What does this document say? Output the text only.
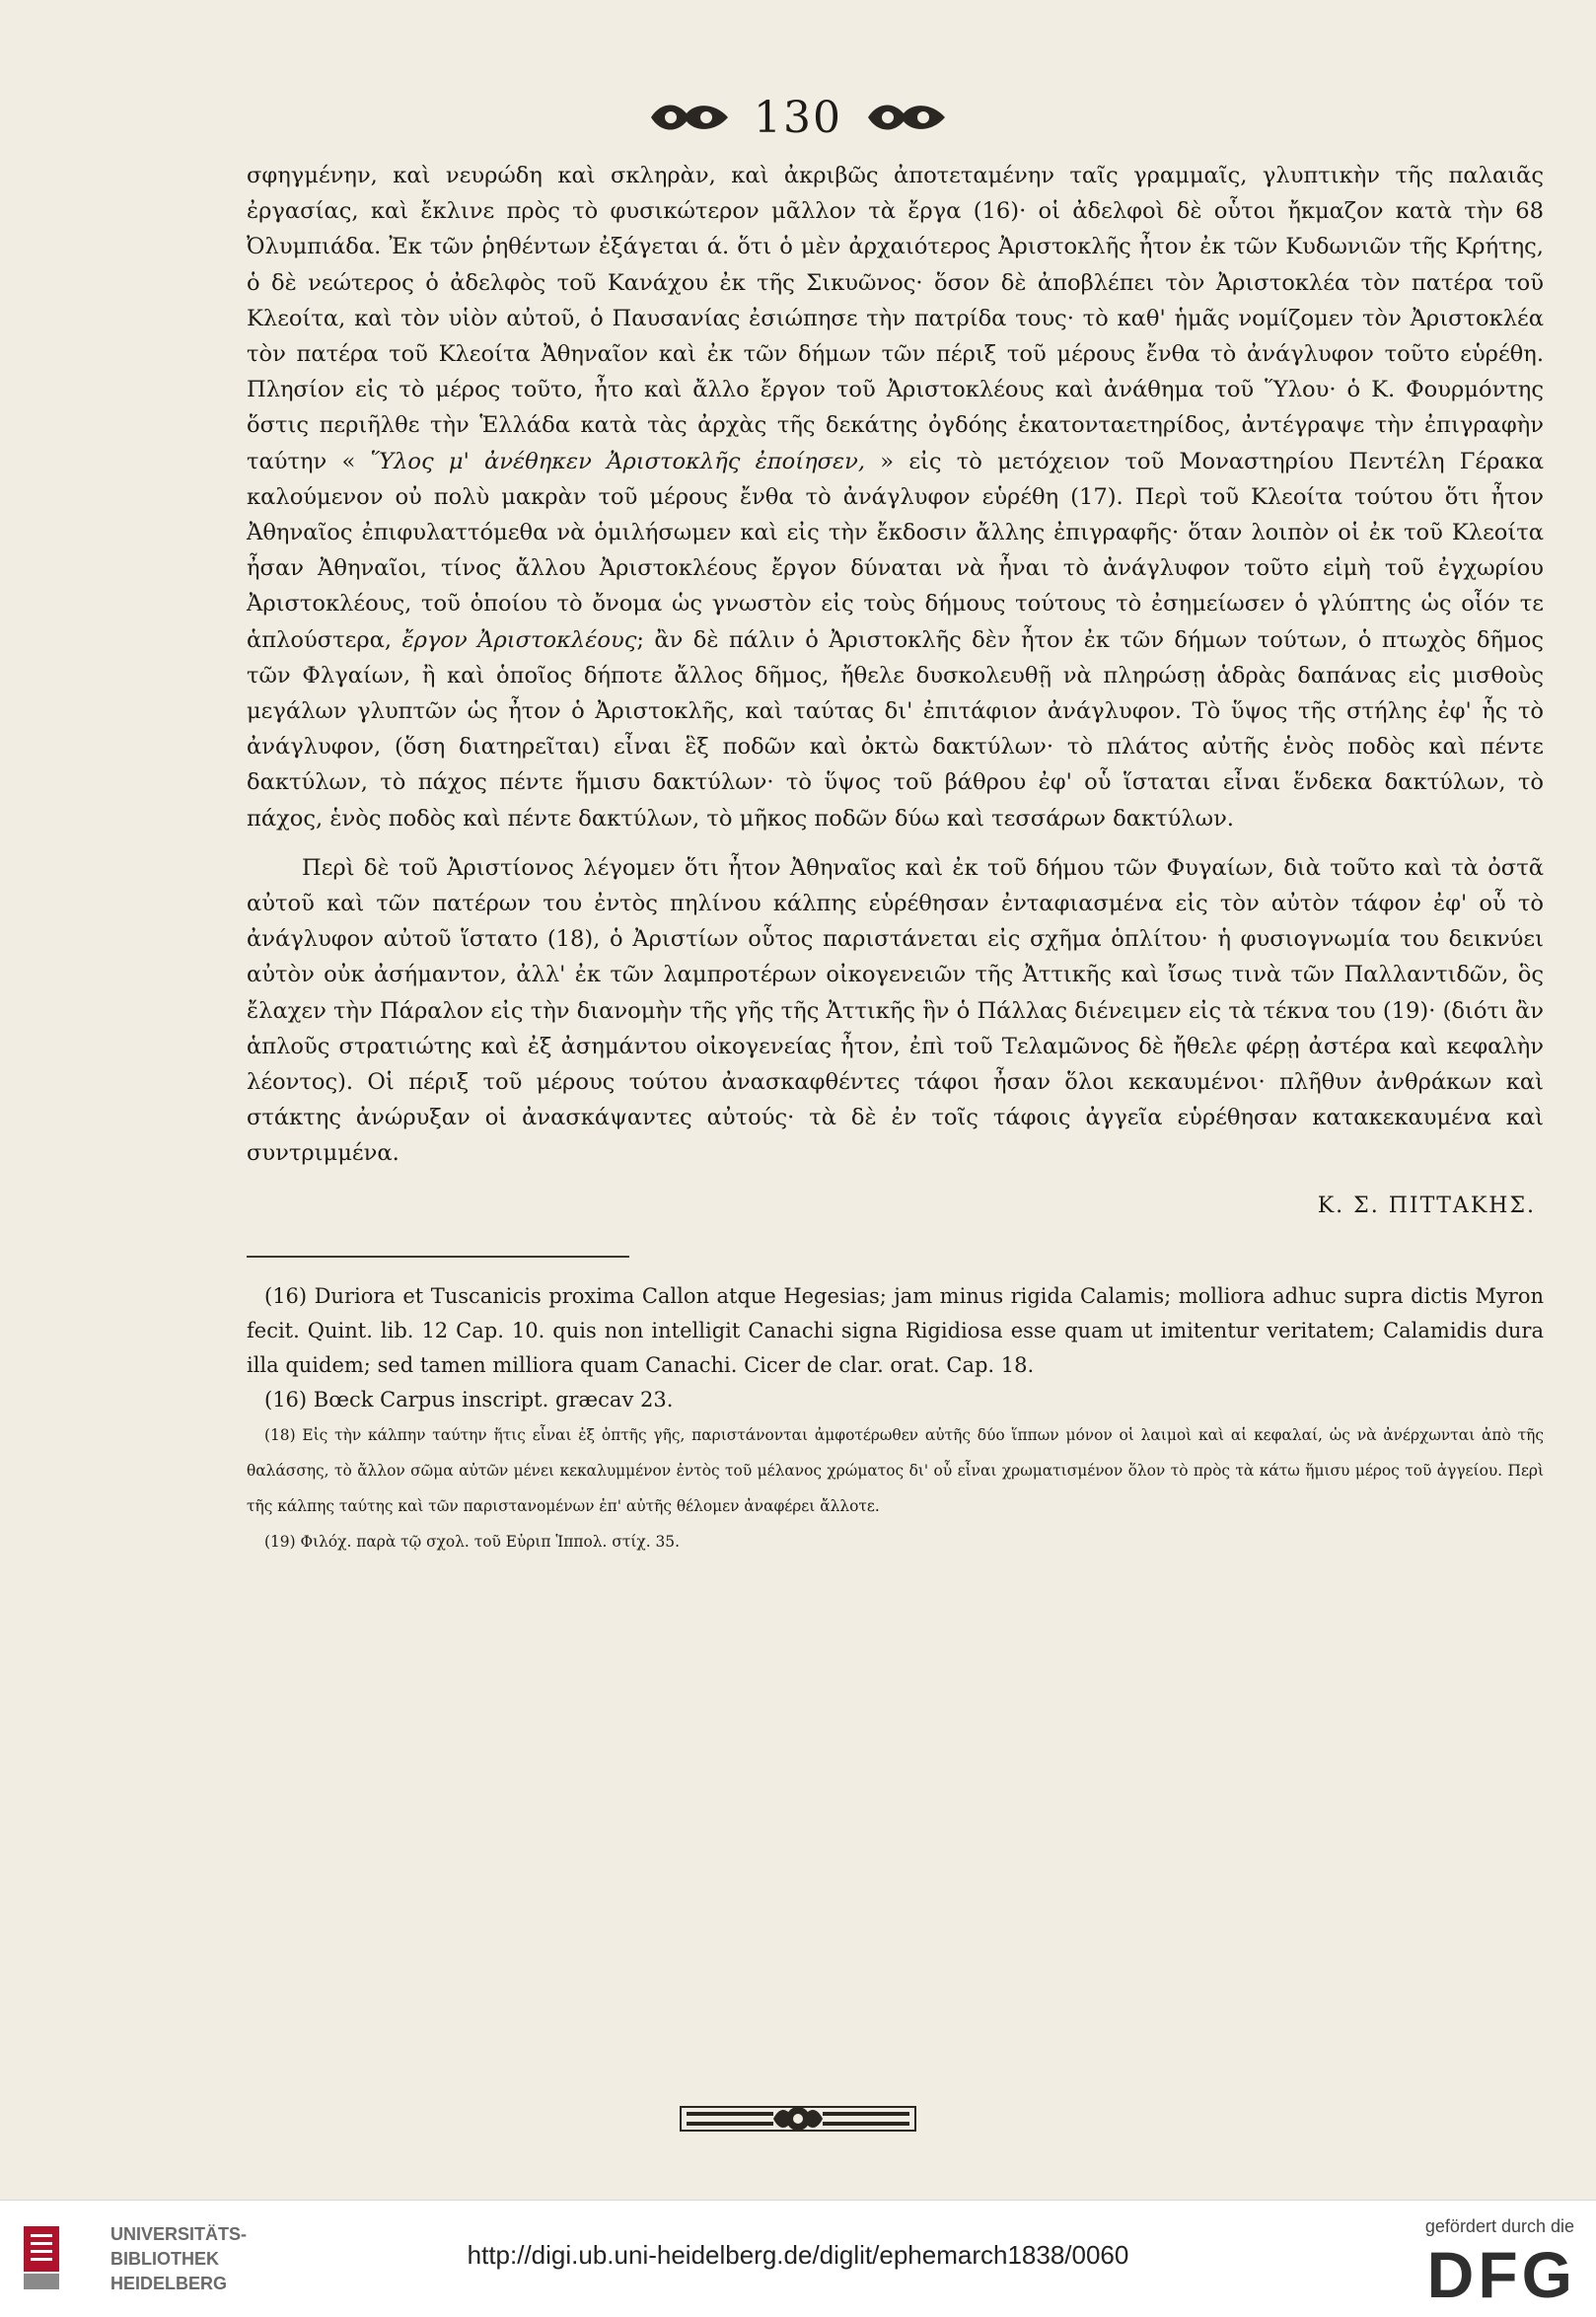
130

σφηγμένην, καὶ νευρώδη καὶ σκληρὰν, καὶ ἀκριβῶς ἀποτεταμένην ταῖς γραμμαῖς, γλυπτικὴν τῆς παλαιᾶς ἐργασίας, καὶ ἔκλινε πρὸς τὸ φυσικώτερον μᾶλλον τὰ ἔργα (16)· οἱ ἀδελφοὶ δὲ οὗτοι ἤκμαζον κατὰ τὴν 68 Ὀλυμπιάδα. Ἐκ τῶν ῥηθέντων ἐξάγεται ά. ὅτι ὁ μὲν ἀρχαιότερος Ἀριστοκλῆς ἦτον ἐκ τῶν Κυδωνιῶν τῆς Κρήτης, ὁ δὲ νεώτερος ὁ ἀδελφὸς τοῦ Κανάχου ἐκ τῆς Σικυῶνος· ὅσον δὲ ἀποβλέπει τὸν Ἀριστοκλέα τὸν πατέρα τοῦ Κλεοίτα, καὶ τὸν υἱὸν αὐτοῦ, ὁ Παυσανίας ἐσιώπησε τὴν πατρίδα τους· τὸ καθ' ἡμᾶς νομίζομεν τὸν Ἀριστοκλέα τὸν πατέρα τοῦ Κλεοίτα Ἀθηναῖον καὶ ἐκ τῶν δήμων τῶν πέριξ τοῦ μέρους ἔνθα τὸ ἀνάγλυφον τοῦτο εὑρέθη. Πλησίον εἰς τὸ μέρος τοῦτο, ἦτο καὶ ἄλλο ἔργον τοῦ Ἀριστοκλέους καὶ ἀνάθημα τοῦ Ὕλου· ὁ Κ. Φουρμόντης ὅστις περιῆλθε τὴν Ἑλλάδα κατὰ τὰς ἀρχὰς τῆς δεκάτης ὀγδόης ἑκατονταετηρίδος, ἀντέγραψε τὴν ἐπιγραφὴν ταύτην « Ὕλος μ' ἀνέθηκεν Ἀριστοκλῆς ἐποίησεν, » εἰς τὸ μετόχειον τοῦ Μοναστηρίου Πεντέλη Γέρακα καλούμενον οὐ πολὺ μακρὰν τοῦ μέρους ἔνθα τὸ ἀνάγλυφον εὑρέθη (17). Περὶ τοῦ Κλεοίτα τούτου ὅτι ἦτον Ἀθηναῖος ἐπιφυλαττόμεθα νὰ ὁμιλήσωμεν καὶ εἰς τὴν ἔκδοσιν ἄλλης ἐπιγραφῆς· ὅταν λοιπὸν οἱ ἐκ τοῦ Κλεοίτα ἦσαν Ἀθηναῖοι, τίνος ἄλλου Ἀριστοκλέους ἔργον δύναται νὰ ἦναι τὸ ἀνάγλυφον τοῦτο εἰμὴ τοῦ ἐγχωρίου Ἀριστοκλέους, τοῦ ὁποίου τὸ ὄνομα ὡς γνωστὸν εἰς τοὺς δήμους τούτους τὸ ἐσημείωσεν ὁ γλύπτης ὡς οἷόν τε ἁπλούστερα, ἔργον Ἀριστοκλέους; ἂν δὲ πάλιν ὁ Ἀριστοκλῆς δὲν ἦτον ἐκ τῶν δήμων τούτων, ὁ πτωχὸς δῆμος τῶν Φλγαίων, ἢ καὶ ὁποῖος δήποτε ἄλλος δῆμος, ἤθελε δυσκολευθῇ νὰ πληρώσῃ ἁδρὰς δαπάνας εἰς μισθοὺς μεγάλων γλυπτῶν ὡς ἦτον ὁ Ἀριστοκλῆς, καὶ ταύτας δι' ἐπιτάφιον ἀνάγλυφον. Τὸ ὕψος τῆς στήλης ἐφ' ἧς τὸ ἀνάγλυφον, (ὅση διατηρεῖται) εἶναι ἓξ ποδῶν καὶ ὀκτὼ δακτύλων· τὸ πλάτος αὐτῆς ἑνὸς ποδὸς καὶ πέντε δακτύλων, τὸ πάχος πέντε ἥμισυ δακτύλων· τὸ ὕψος τοῦ βάθρου ἐφ' οὗ ἵσταται εἶναι ἕνδεκα δακτύλων, τὸ πάχος, ἑνὸς ποδὸς καὶ πέντε δακτύλων, τὸ μῆκος ποδῶν δύω καὶ τεσσάρων δακτύλων.

Περὶ δὲ τοῦ Ἀριστίονος λέγομεν ὅτι ἦτον Ἀθηναῖος καὶ ἐκ τοῦ δήμου τῶν Φυγαίων, διὰ τοῦτο καὶ τὰ ὀστᾶ αὐτοῦ καὶ τῶν πατέρων του ἐντὸς πηλίνου κάλπης εὑρέθησαν ἐνταφιασμένα εἰς τὸν αὐτὸν τάφον ἐφ' οὗ τὸ ἀνάγλυφον αὐτοῦ ἵστατο (18), ὁ Ἀριστίων οὗτος παριστάνεται εἰς σχῆμα ὁπλίτου· ἡ φυσιογνωμία του δεικνύει αὐτὸν οὐκ ἀσήμαντον, ἀλλ' ἐκ τῶν λαμπροτέρων οἰκογενειῶν τῆς Ἀττικῆς καὶ ἴσως τινὰ τῶν Παλλαντιδῶν, ὃς ἔλαχεν τὴν Πάραλον εἰς τὴν διανομὴν τῆς γῆς τῆς Ἀττικῆς ἣν ὁ Πάλλας διένειμεν εἰς τὰ τέκνα του (19)· (διότι ἂν ἁπλοῦς στρατιώτης καὶ ἐξ ἀσημάντου οἰκογενείας ἦτον, ἐπὶ τοῦ Τελαμῶνος δὲ ἤθελε φέρῃ ἀστέρα καὶ κεφαλὴν λέοντος). Οἱ πέριξ τοῦ μέρους τούτου ἀνασκαφθέντες τάφοι ἦσαν ὅλοι κεκαυμένοι· πλῆθυν ἀνθράκων καὶ στάκτης ἀνώρυξαν οἱ ἀνασκάψαντες αὐτούς· τὰ δὲ ἐν τοῖς τάφοις ἀγγεῖα εὑρέθησαν κατακεκαυμένα καὶ συντριμμένα.

Κ. Σ. ΠΙΤΤΑΚΗΣ.

(16) Duriora et Tuscanicis proxima Callon atque Hegesias; jam minus rigida Calamis; molliora adhuc supra dictis Myron fecit. Quint. lib. 12 Cap. 10. quis non intelligit Canachi signa Rigidiosa esse quam ut imitentur veritatem; Calamidis dura illa quidem; sed tamen milliora quam Canachi. Cicer de clar. orat. Cap. 18.

(16) Bœck Carpus inscript. græcav 23.

(18) Εἰς τὴν κάλπην ταύτην ἥτις εἶναι ἐξ ὀπτῆς γῆς, παριστάνονται ἀμφοτέρωθεν αὐτῆς δύο ἵππων μόνον οἱ λαιμοὶ καὶ αἱ κεφαλαί, ὡς νὰ ἀνέρχωνται ἀπὸ τῆς θαλάσσης, τὸ ἄλλον σῶμα αὐτῶν μένει κεκαλυμμένον ἐντὸς τοῦ μέλανος χρώματος δι' οὗ εἶναι χρωματισμένον ὅλον τὸ πρὸς τὰ κάτω ἥμισυ μέρος τοῦ ἀγγείου. Περὶ τῆς κάλπης ταύτης καὶ τῶν παριστανομένων ἐπ' αὐτῆς θέλομεν ἀναφέρει ἄλλοτε.

(19) Φιλόχ. παρὰ τῷ σχολ. τοῦ Εὐριπ Ἱππολ. στίχ. 35.

UNIVERSITÄTS-
BIBLIOTHEK
HEIDELBERG
http://digi.ub.uni-heidelberg.de/diglit/ephemarch1838/0060
gefördert durch die
DFG
